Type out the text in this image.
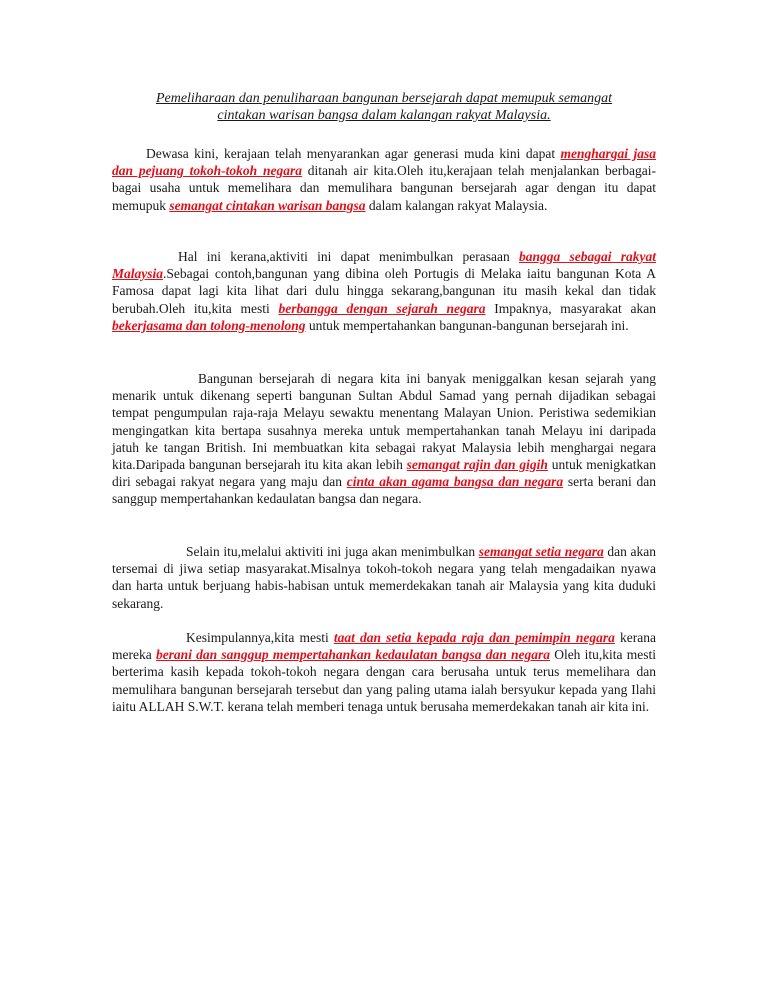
Pemeliharaan dan penuliharaan bangunan bersejarah dapat memupuk semangat
cintakan warisan bangsa dalam kalangan rakyat Malaysia.

Dewasa kini, kerajaan telah menyarankan agar generasi muda kini dapat menghargai jasa dan pejuang tokoh-tokoh negara ditanah air kita.Oleh itu,kerajaan telah menjalankan berbagai-bagai usaha untuk memelihara dan memulihara bangunan bersejarah agar dengan itu dapat memupuk semangat cintakan warisan bangsa dalam kalangan rakyat Malaysia.

Hal ini kerana,aktiviti ini dapat menimbulkan perasaan bangga sebagai rakyat Malaysia.Sebagai contoh,bangunan yang dibina oleh Portugis di Melaka iaitu bangunan Kota A Famosa dapat lagi kita lihat dari dulu hingga sekarang,bangunan itu masih kekal dan tidak berubah.Oleh itu,kita mesti berbangga dengan sejarah negara Impaknya, masyarakat akan bekerjasama dan tolong-menolong untuk mempertahankan bangunan-bangunan bersejarah ini.

Bangunan bersejarah di negara kita ini banyak meniggalkan kesan sejarah yang menarik untuk dikenang seperti bangunan Sultan Abdul Samad yang pernah dijadikan sebagai tempat pengumpulan raja-raja Melayu sewaktu menentang Malayan Union. Peristiwa sedemikian mengingatkan kita bertapa susahnya mereka untuk mempertahankan tanah Melayu ini daripada jatuh ke tangan British. Ini membuatkan kita sebagai rakyat Malaysia lebih menghargai negara kita.Daripada bangunan bersejarah itu kita akan lebih semangat rajin dan gigih untuk menigkatkan diri sebagai rakyat negara yang maju dan cinta akan agama bangsa dan negara serta berani dan sanggup mempertahankan kedaulatan bangsa dan negara.

Selain itu,melalui aktiviti ini juga akan menimbulkan semangat setia negara dan akan tersemai di jiwa setiap masyarakat.Misalnya tokoh-tokoh negara yang telah mengadaikan nyawa dan harta untuk berjuang habis-habisan untuk memerdekakan tanah air Malaysia yang kita duduki sekarang.

Kesimpulannya,kita mesti taat dan setia kepada raja dan pemimpin negara kerana mereka berani dan sanggup mempertahankan kedaulatan bangsa dan negara Oleh itu,kita mesti berterima kasih kepada tokoh-tokoh negara dengan cara berusaha untuk terus memelihara dan memulihara bangunan bersejarah tersebut dan yang paling utama ialah bersyukur kepada yang Ilahi iaitu ALLAH S.W.T. kerana telah memberi tenaga untuk berusaha memerdekakan tanah air kita ini.
